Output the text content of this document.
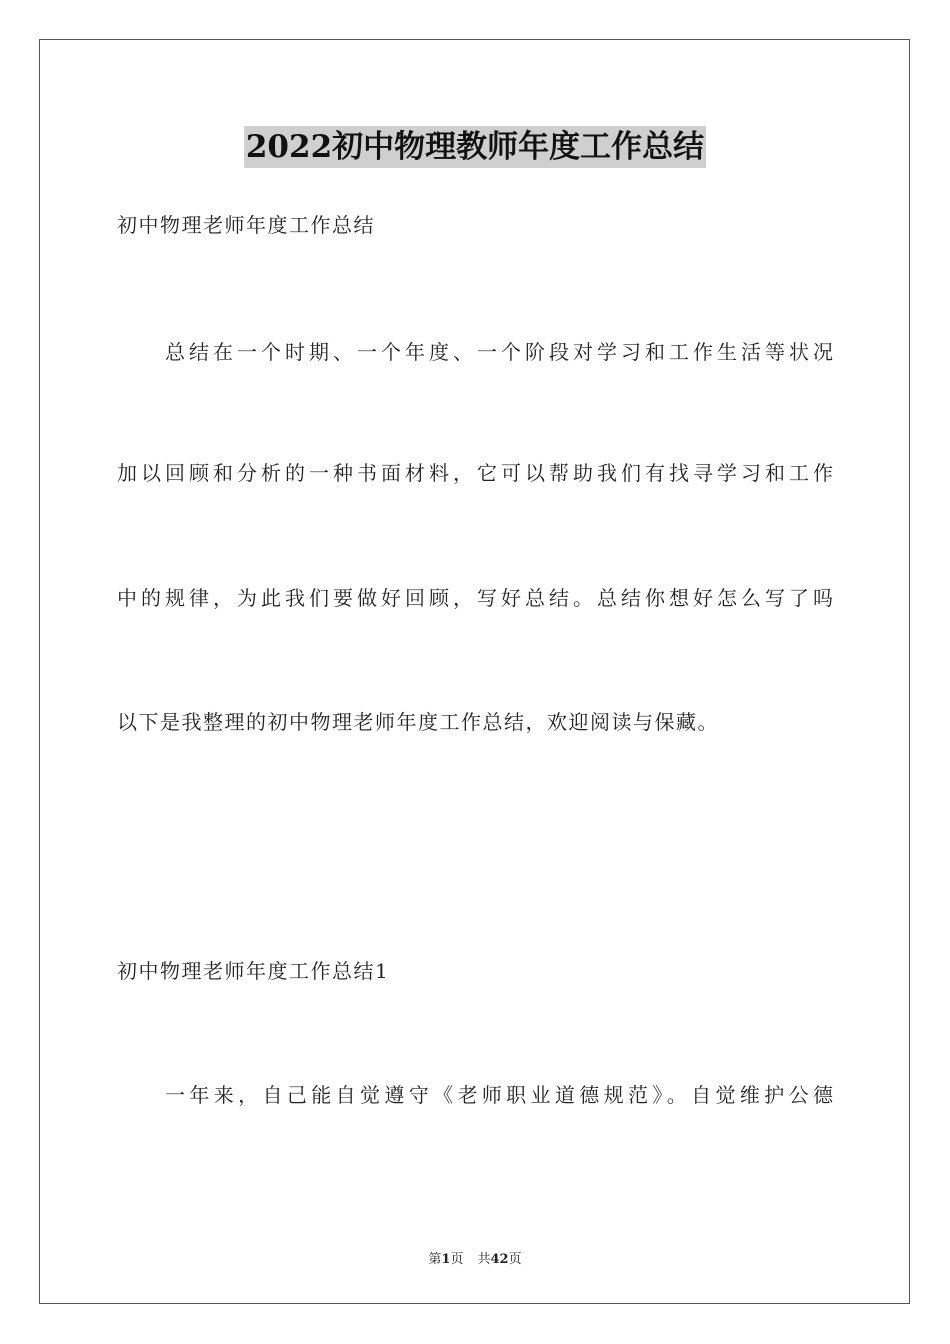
2022初中物理教师年度工作总结
初中物理老师年度工作总结
总结在一个时期、一个年度、一个阶段对学习和工作生活等状况
加以回顾和分析的一种书面材料，它可以帮助我们有找寻学习和工作
中的规律，为此我们要做好回顾，写好总结。总结你想好怎么写了吗
以下是我整理的初中物理老师年度工作总结，欢迎阅读与保藏。
初中物理老师年度工作总结1
一年来，自己能自觉遵守《老师职业道德规范》。自觉维护公德
第1页 共42页
